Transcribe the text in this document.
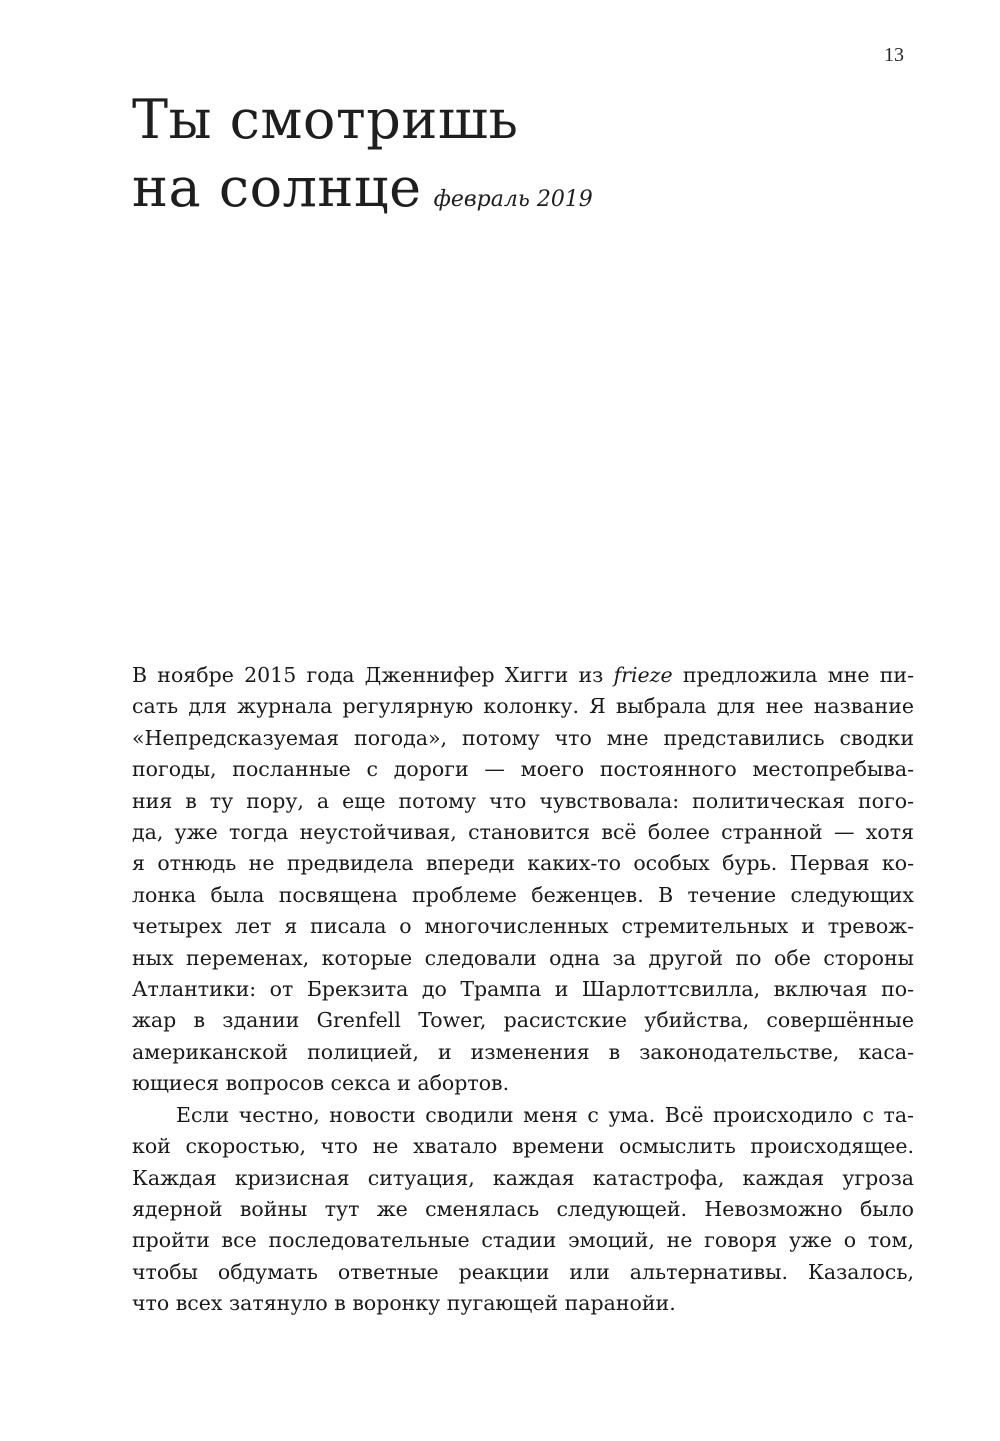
13
Ты смотришь
на солнце февраль 2019
В ноябре 2015 года Дженнифер Хигги из frieze предложила мне пи-
сать для журнала регулярную колонку. Я выбрала для нее название
«Непредсказуемая погода», потому что мне представились сводки
погоды, посланные с дороги — моего постоянного местопребыва-
ния в ту пору, а еще потому что чувствовала: политическая пого-
да, уже тогда неустойчивая, становится всё более странной — хотя
я отнюдь не предвидела впереди каких-то особых бурь. Первая ко-
лонка была посвящена проблеме беженцев. В течение следующих
четырех лет я писала о многочисленных стремительных и тревож-
ных переменах, которые следовали одна за другой по обе стороны
Атлантики: от Брекзита до Трампа и Шарлоттсвилла, включая по-
жар в здании Grenfell Tower, расистские убийства, совершённые
американской полицией, и изменения в законодательстве, каса-
ющиеся вопросов секса и абортов.
Если честно, новости сводили меня с ума. Всё происходило с та-
кой скоростью, что не хватало времени осмыслить происходящее.
Каждая кризисная ситуация, каждая катастрофа, каждая угроза
ядерной войны тут же сменялась следующей. Невозможно было
пройти все последовательные стадии эмоций, не говоря уже о том,
чтобы обдумать ответные реакции или альтернативы. Казалось,
что всех затянуло в воронку пугающей паранойи.
